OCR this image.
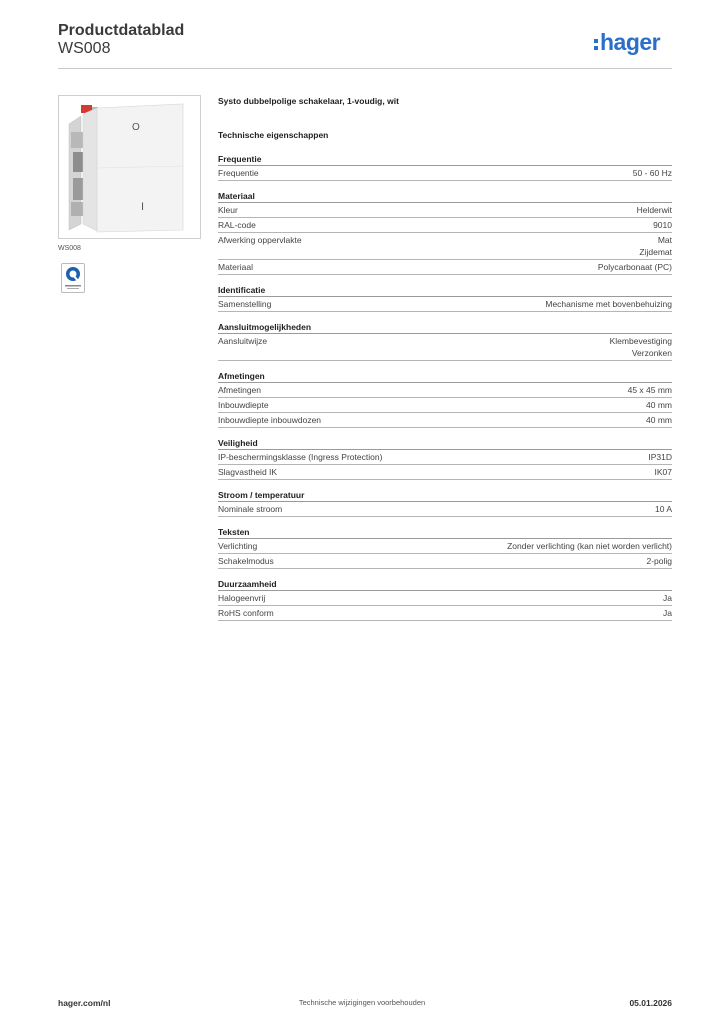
Productdatablad
WS008	hager
O
I
WS008
Systo dubbelpolige schakelaar, 1-voudig, wit
Technische eigenschappen
Frequentie
Frequentie	50 - 60 Hz
Materiaal
Kleur	Helderwit
RAL-code	9010
Afwerking oppervlakte	Mat
Zijdemat
Materiaal	Polycarbonaat (PC)
Identificatie
Samenstelling	Mechanisme met bovenbehuizing
Aansluitmogelijkheden
Aansluitwijze	Klembevestiging
Verzonken
Afmetingen
Afmetingen	45 x 45 mm
Inbouwdiepte	40 mm
Inbouwdiepte inbouwdozen	40 mm
Veiligheid
IP-beschermingsklasse (Ingress Protection)	IP31D
Slagvastheid IK	IK07
Stroom / temperatuur
Nominale stroom	10 A
Teksten
Verlichting	Zonder verlichting (kan niet worden verlicht)
Schakelmodus	2-polig
Duurzaamheid
Halogeenvrij	Ja
RoHS conform	Ja
hager.com/nl	Technische wijzigingen voorbehouden	05.01.2026
